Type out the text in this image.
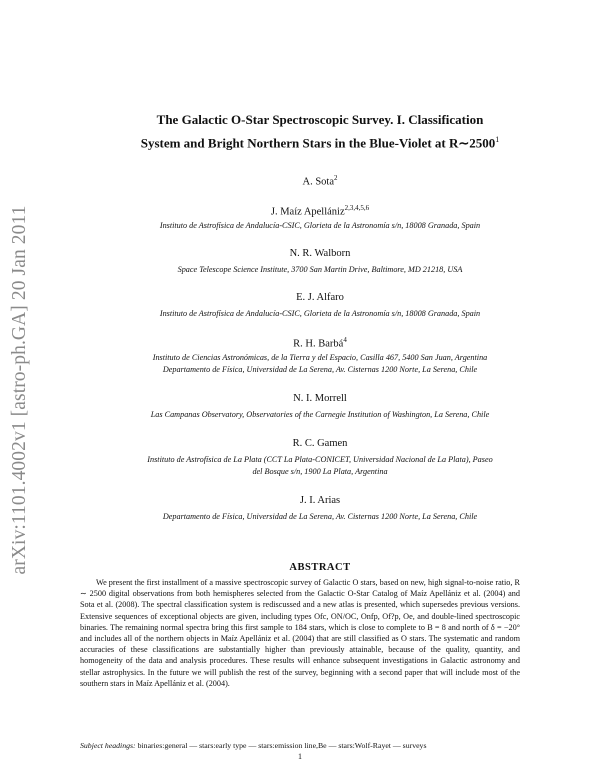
arXiv:1101.4002v1 [astro-ph.GA] 20 Jan 2011
The Galactic O-Star Spectroscopic Survey. I. Classification
System and Bright Northern Stars in the Blue-Violet at R∼2500$^1$
A. Sota$^2$
J. Maíz Apellániz$^{2,3,4,5,6}$
Instituto de Astrofísica de Andalucía-CSIC, Glorieta de la Astronomía s/n, 18008 Granada, Spain
N. R. Walborn
Space Telescope Science Institute, 3700 San Martin Drive, Baltimore, MD 21218, USA
E. J. Alfaro
Instituto de Astrofísica de Andalucía-CSIC, Glorieta de la Astronomía s/n, 18008 Granada, Spain
R. H. Barbá$^4$
Instituto de Ciencias Astronómicas, de la Tierra y del Espacio, Casilla 467, 5400 San Juan, Argentina
Departamento de Física, Universidad de La Serena, Av. Cisternas 1200 Norte, La Serena, Chile
N. I. Morrell
Las Campanas Observatory, Observatories of the Carnegie Institution of Washington, La Serena, Chile
R. C. Gamen
Instituto de Astrofísica de La Plata (CCT La Plata-CONICET, Universidad Nacional de La Plata), Paseo
del Bosque s/n, 1900 La Plata, Argentina
J. I. Arias
Departamento de Física, Universidad de La Serena, Av. Cisternas 1200 Norte, La Serena, Chile
ABSTRACT
We present the first installment of a massive spectroscopic survey of Galactic O stars, based on new, high signal-to-noise ratio, R ∼ 2500 digital observations from both hemispheres selected from the Galactic O-Star Catalog of Maíz Apellániz et al. (2004) and Sota et al. (2008). The spectral classification system is rediscussed and a new atlas is presented, which supersedes previous versions. Extensive sequences of exceptional objects are given, including types Ofc, ON/OC, Onfp, Of?p, Oe, and double-lined spectroscopic binaries. The remaining normal spectra bring this first sample to 184 stars, which is close to complete to B = 8 and north of δ = −20° and includes all of the northern objects in Maíz Apellániz et al. (2004) that are still classified as O stars. The systematic and random accuracies of these classifications are substantially higher than previously attainable, because of the quality, quantity, and homogeneity of the data and analysis procedures. These results will enhance subsequent investigations in Galactic astronomy and stellar astrophysics. In the future we will publish the rest of the survey, beginning with a second paper that will include most of the southern stars in Maíz Apellániz et al. (2004).
Subject headings: binaries:general — stars:early type — stars:emission line,Be — stars:Wolf-Rayet — surveys
1
